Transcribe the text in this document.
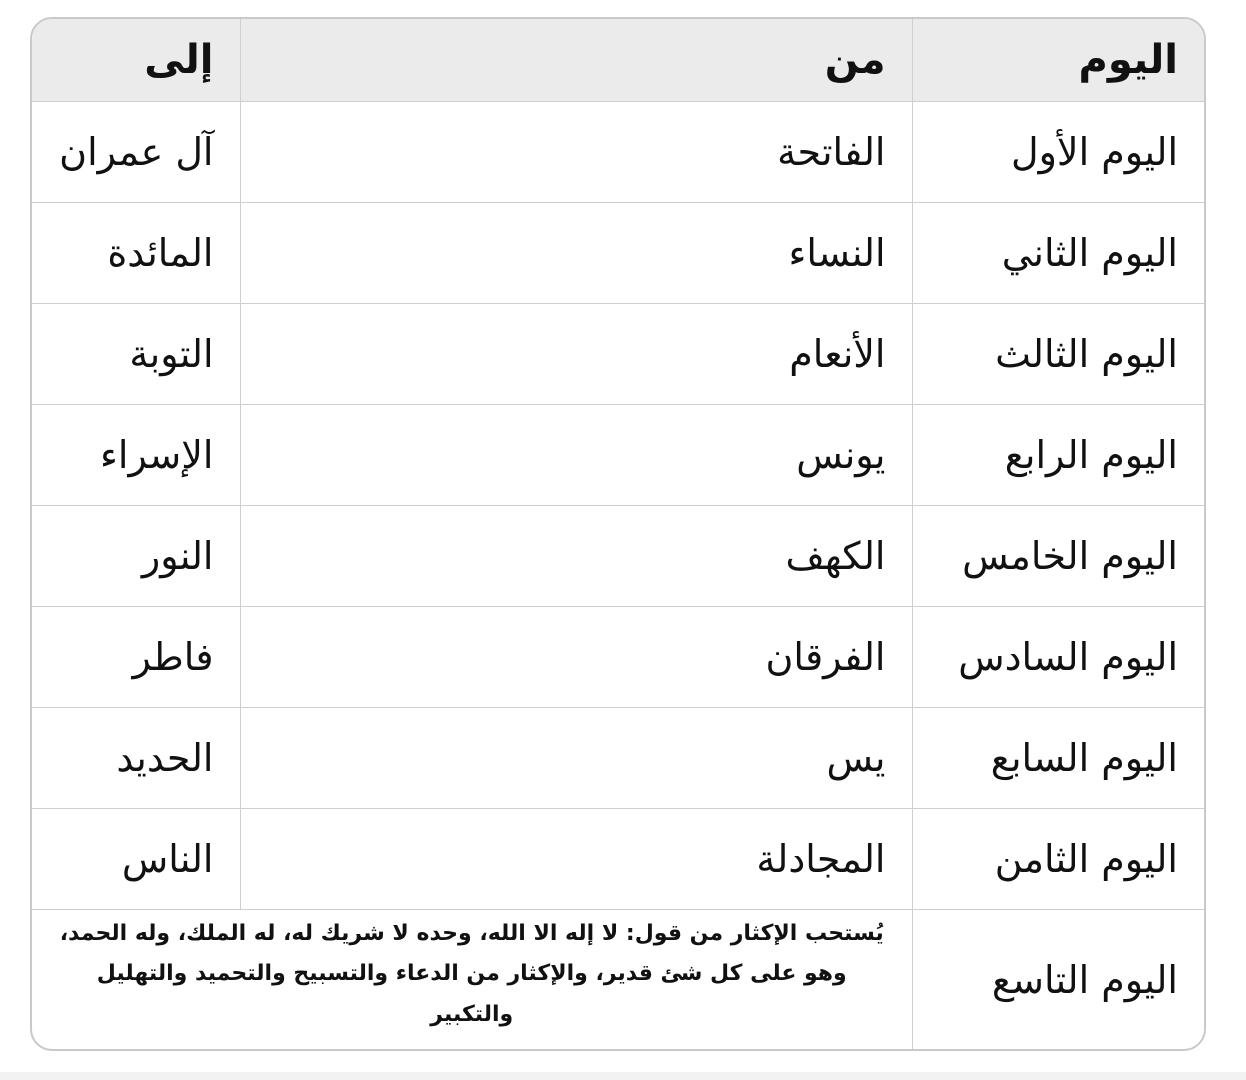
اليوم	من	إلى
اليوم الأول	الفاتحة	آل عمران
اليوم الثاني	النساء	المائدة
اليوم الثالث	الأنعام	التوبة
اليوم الرابع	يونس	الإسراء
اليوم الخامس	الكهف	النور
اليوم السادس	الفرقان	فاطر
اليوم السابع	يس	الحديد
اليوم الثامن	المجادلة	الناس
اليوم التاسع	يُستحب الإكثار من قول: لا إله الا الله، وحده لا شريك له، له الملك، وله الحمد، وهو على كل شئ قدير، والإكثار من الدعاء والتسبيح والتحميد والتهليل والتكبير	
